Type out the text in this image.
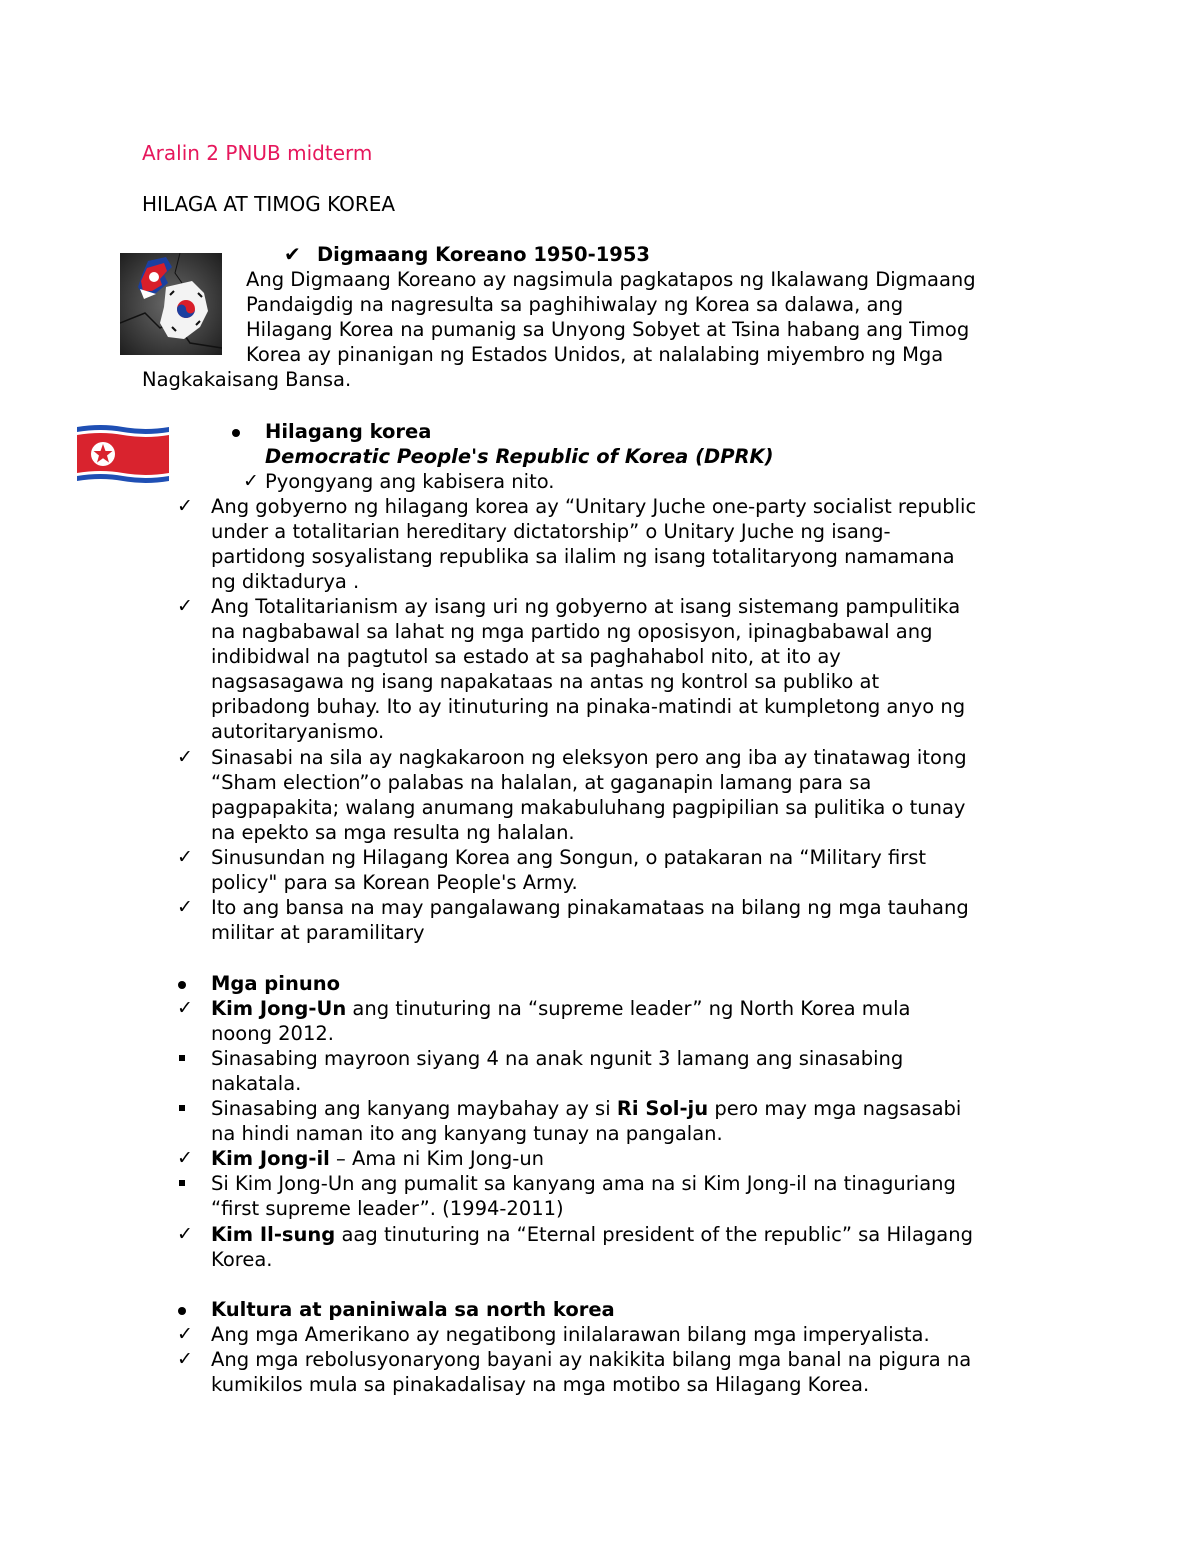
Aralin 2 PNUB midterm
HILAGA AT TIMOG KOREA
✔ Digmaang Koreano 1950-1953
Ang Digmaang Koreano ay nagsimula pagkatapos ng Ikalawang Digmaang
Pandaigdig na nagresulta sa paghihiwalay ng Korea sa dalawa, ang
Hilagang Korea na pumanig sa Unyong Sobyet at Tsina habang ang Timog
Korea ay pinanigan ng Estados Unidos, at nalalabing miyembro ng Mga
Nagkakaisang Bansa.
Hilagang korea
Democratic People's Republic of Korea (DPRK)
✓ Pyongyang ang kabisera nito.
✓ Ang gobyerno ng hilagang korea ay “Unitary Juche one-party socialist republic
under a totalitarian hereditary dictatorship” o Unitary Juche ng isang-
partidong sosyalistang republika sa ilalim ng isang totalitaryong namamana
ng diktadurya .
✓ Ang Totalitarianism ay isang uri ng gobyerno at isang sistemang pampulitika
na nagbabawal sa lahat ng mga partido ng oposisyon, ipinagbabawal ang
indibidwal na pagtutol sa estado at sa paghahabol nito, at ito ay
nagsasagawa ng isang napakataas na antas ng kontrol sa publiko at
pribadong buhay. Ito ay itinuturing na pinaka-matindi at kumpletong anyo ng
autoritaryanismo.
✓ Sinasabi na sila ay nagkakaroon ng eleksyon pero ang iba ay tinatawag itong
“Sham election”o palabas na halalan, at gaganapin lamang para sa
pagpapakita; walang anumang makabuluhang pagpipilian sa pulitika o tunay
na epekto sa mga resulta ng halalan.
✓ Sinusundan ng Hilagang Korea ang Songun, o patakaran na “Military first
policy" para sa Korean People's Army.
✓ Ito ang bansa na may pangalawang pinakamataas na bilang ng mga tauhang
militar at paramilitary
Mga pinuno
✓ Kim Jong-Un ang tinuturing na “supreme leader” ng North Korea mula
noong 2012.
Sinasabing mayroon siyang 4 na anak ngunit 3 lamang ang sinasabing
nakatala.
Sinasabing ang kanyang maybahay ay si Ri Sol-ju pero may mga nagsasabi
na hindi naman ito ang kanyang tunay na pangalan.
✓ Kim Jong-il – Ama ni Kim Jong-un
Si Kim Jong-Un ang pumalit sa kanyang ama na si Kim Jong-il na tinaguriang
“first supreme leader”. (1994-2011)
✓ Kim Il-sung aag tinuturing na “Eternal president of the republic” sa Hilagang
Korea.
Kultura at paniniwala sa north korea
✓ Ang mga Amerikano ay negatibong inilalarawan bilang mga imperyalista.
✓ Ang mga rebolusyonaryong bayani ay nakikita bilang mga banal na pigura na
kumikilos mula sa pinakadalisay na mga motibo sa Hilagang Korea.
